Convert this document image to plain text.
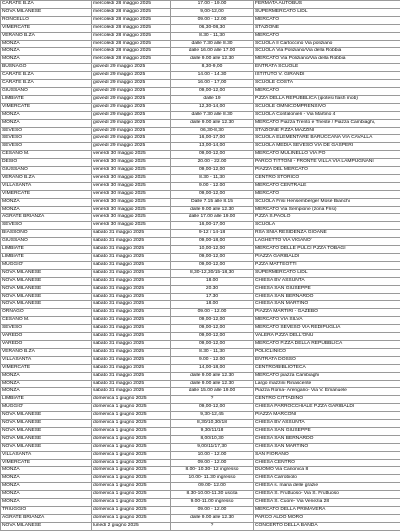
CARATE B.ZA	mercoledì 28 maggio 2025	17.00 - 19.00	FERMATA AUTOBUS
NOVA MILANESE	mercoledì 28 maggio 2025	9,00-12,00	SUPERMERCATO LIDL
RONCELLO	mercoledì 28 maggio 2025	09.00 - 12.00	MERCATO
VIMERCATE	mercoledì 28 maggio 2025	06,30-08,30	STAZIONE
VERANO B.ZA	mercoledì 28 maggio 2025	8.30 - 11,30	MERCATO
MONZA	mercoledì 28 maggio 2025	dalle 7.30 alle 8.30	SCUOLA Il Cartoccino Via poliziano
MONZA	mercoledì 28 maggio 2025	dalle 16.00 alle 17.00	SCUOLA Via Poliziano/Via della Robbia
MONZA	mercoledì 28 maggio 2025	dalle 9.00 alle 12.30	MERCATO Via Poliziano/Via della Robbia
BUSNAGO	giovedì 29 maggio 2025	8,30-9,00	ENTRATA SCUOLE
CARATE B.ZA	giovedì 29 maggio 2025	14.00 - 14.30	ISTITUTO V. GIRANDI
CARATE B.ZA	giovedì 29 maggio 2025	16.00 - 17,00	SCUOLE COSTA
GIUSSANO	giovedì 29 maggio 2025	09,00-12,00	MERCATO
LIMBIATE	giovedì 29 maggio 2025	dalle 19	P.ZZA DELLA REPUBBLICA (ipotesi flash mob)
VIMERCATE	giovedì 29 maggio 2025	12,30-14,00	SCUOLE OMNICOMPRENSIVO
MONZA	giovedì 29 maggio 2025	dalle 7.30 alle 8.30	SCUOLA Confalonieri - Via Martino 4
MONZA	giovedì 29 maggio 2025	dalle 9.00 alle 12.30	MERCATO Piazza Trento e Trieste / Piazza Cambiaghi,
SEVESO	giovedì 29 maggio 2025	06,30-8,30	STAZIONE P.ZZA MAZZINI
SEVESO	giovedì 29 maggio 2025	16,00-17,00	SCUOLA ELEMENTARE BARUCCANA VIA CAVALLA
SEVESO	giovedì 29 maggio 2025	13,00-14,00	SCUOLA MEDIA SEVESO VIA DE GASPERI
CESANO M.	venerdì 30 maggio 2025	09,00-12,00	MERCATO MULINELLO VIA PO
DESIO	venerdì 30 maggio 2025	20.00 - 22.00	PARCO TITTONI - FRONTE VILLA VIA LAMPUGNANI
GIUSSANO	venerdì 30 maggio 2025	09,00-12,00	PIAZZA DEL MERCATO
VERANO B.ZA	venerdì 30 maggio 2025	8.30 - 11,30	CENTRO STORICO
VILLASANTA	venerdì 30 maggio 2025	9.00 - 12.00	MERCATO CENTRALE
VIMERCATE	venerdì 30 maggio 2025	09,00-12,00	MERCATO
MONZA	venerdì 30 maggio 2025	Dalle 7.15 alle 8.15	SCUOLA Frisi Hensemberger Mosè Bianchi
MONZA	venerdì 30 maggio 2025	dalle 9.00 alle 12.30	MERCATO Via Sempione (zona Frisi)
AGRATE BRIANZA	venerdì 30 maggio 2025	dalle 17.00 alle 19.00	P.ZZA S.PAOLO
SEVESO	venerdì 30 maggio 2025	16,00-17,00	SCUOLA
BIASSONO	sabato 31 maggio 2025	9-12 / 14-18	RSA SNIA RESIDENZA GIOANE
GIUSSANO	sabato 31 maggio 2025	09,00-18,00	LAGHETTO VIA VIGANO'
LIMBIATE	sabato 31 maggio 2025	10,00-12,00	MERCATO DELLE PULCI P.ZZA TOBAGI
LIMBIATE	sabato 31 maggio 2025	09,00-12,00	PIAZZA GARIBALDI
MUGGIO'	sabato 31 maggio 2025	09,00-12,00	P.ZZA MATTEOTTI
NOVA MILANESE	sabato 31 maggio 2025	8,30-12,30/15-18,30	SUPERMERCATO LIDL
NOVA MILANESE	sabato 31 maggio 2025	18.00	CHIESA BV ASSUNTA
NOVA MILANESE	sabato 31 maggio 2025	20.30	CHIESA SAN GIUSEPPE
NOVA MILANESE	sabato 31 maggio 2025	17.30	CHIESA SAN BERNARDO
NOVA MILANESE	sabato 31 maggio 2025	18.00	CHIESA SAN MARTINO
ORNAGO	sabato 31 maggio 2025	09.00 - 12.00	PIAZZA MARTIRI - GAZEBO
CESANO M.	sabato 31 maggio 2025	09,00-12,00	MERCATO VIA SILVA
SEVESO	sabato 31 maggio 2025	09,00-12,00	MERCATO SEVESO VIA REDIPUGLIA
VAREDO	sabato 31 maggio 2025	09,00-12,00	VALERA P.ZZA DELL'ONU
VAREDO	sabato 31 maggio 2025	09,00-12,00	MERCATO P.ZZA DELLA REPUBBLICA
VERANO B.ZA	sabato 31 maggio 2025	8.30 - 11,30	POLICLINICO
VILLASANTA	sabato 31 maggio 2025	9.00 - 12.00	ENTRATA DOSSO
VIMERCATE	sabato 31 maggio 2025	14,00-18,00	CENTRO/BIBLIOTECA
MONZA	sabato 31 maggio 2025	dalle 9.00 alle 12.30	MERCATO piazza Cambiaghi
MONZA	sabato 31 maggio 2025	dalle 9.00 alle 12.30	Largo mazzini Rinascente
MONZA	sabato 31 maggio 2025	dalle 15.00 alle 19.00	Piazza Roma- Arengario- Via V. Emanuele
LIMBIATE	domenica 1 giugno 2025	?	CENTRO CITTADINO
MUGGIO'	domenica 1 giugno 2025	09,00-12,00	CHIESA PARROCCHIALE P.ZZA GARIBALDI
NOVA MILANESE	domenica 1 giugno 2025	9,30-12,45	PIAZZA MARCONI
NOVA MILANESE	domenica 1 giugno 2025	8,30/10,30/18	CHIESA BV ASSUNTA
NOVA MILANESE	domenica 1 giugno 2025	9,30/11/18	CHIESA SAN GIUSEPPE
NOVA MILANESE	domenica 1 giugno 2025	8,00/10,30	CHIESA SAN BERNARDO
NOVA MILANESE	domenica 1 giugno 2025	9,00/11/17,30	CHIESA SAN MARTINO
VILLASANTA	domenica 1 giugno 2025	10.00 - 12.00	SAN FIORANO
VIMERCATE	domenica 1 giugno 2025	09.00 - 12.00	CHIESA CENTRO
MONZA	domenica 1 giugno 2025	8.00- 10.30- 12 ingresso	DUOMO Via Canonica 8
MONZA	domenica 1 giugno 2025	10.00- 11.30 ingresso	CHIESA Carrobiolo
MONZA	domenica 1 giugno 2025	09.00- 12.00	CHIESA s. maria delle grazie
MONZA	domenica 1 giugno 2025	8.30-10.00-11.30 uscita	CHIESA S. Fruttuoso- Via S. Fruttuoso
MONZA	domenica 1 giugno 2025	9.00-11.00 ingresso	CHIESA S. Cuore- Via Venezia 28
TRIUGGIO	domenica 1 giugno 2025	09.00 - 12.00	MERCATO DELLA PRIMAVERA
AGRATE BRIANZA	domenica 1 giugno 2025	dalle 9.00 alle 12.30	PARCO ALDO MORO
NOVA MILANESE	lunedì 2 giugno 2025	?	CONCERTO DELLA BANDA
